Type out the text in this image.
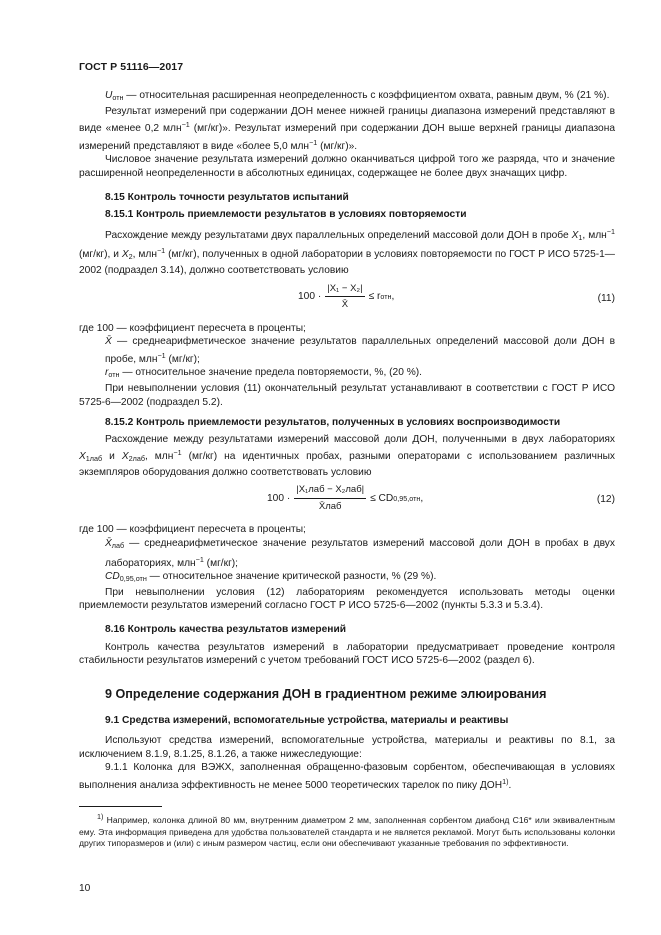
ГОСТ Р 51116—2017

$U_{отн}$ — относительная расширенная неопределенность с коэффициентом охвата, равным двум, % (21 %).

Результат измерений при содержании ДОН менее нижней границы диапазона измерений представляют в виде «менее 0,2 млн$^{-1}$ (мг/кг)». Результат измерений при содержании ДОН выше верхней границы диапазона измерений представляют в виде «более 5,0 млн$^{-1}$ (мг/кг)».

Числовое значение результата измерений должно оканчиваться цифрой того же разряда, что и значение расширенной неопределенности в абсолютных единицах, содержащее не более двух значащих цифр.

8.15 Контроль точности результатов испытаний
8.15.1 Контроль приемлемости результатов в условиях повторяемости

Расхождение между результатами двух параллельных определений массовой доли ДОН в пробе $X_1$, млн$^{-1}$ (мг/кг), и $X_2$, млн$^{-1}$ (мг/кг), полученных в одной лаборатории в условиях повторяемости по ГОСТ Р ИСО 5725-1—2002 (подраздел 3.14), должно соответствовать условию

$100 \cdot \frac{\text{|X₁ − X₂|}}{X̄} \le r$ отн ,	(11)

где 100 — коэффициент пересчета в проценты;

X̄ — среднеарифметическое значение результатов параллельных определений массовой доли ДОН в пробе, млн$^{-1}$ (мг/кг);

$r_{отн}$ — относительное значение предела повторяемости, %, (20 %).

При невыполнении условия (11) окончательный результат устанавливают в соответствии с ГОСТ Р ИСО 5725-6—2002 (подраздел 5.2).

8.15.2 Контроль приемлемости результатов, полученных в условиях воспроизводимости

Расхождение между результатами измерений массовой доли ДОН, полученными в двух лабораториях $X_{1лаб}$ и $X_{2лаб}$, млн$^{-1}$ (мг/кг) на идентичных пробах, разными операторами с использованием различных экземпляров оборудования должно соответствовать условию

$100 \cdot \frac{\text{|X₁лаб − X₂лаб|}}{\text{X̄лаб}}$ ≤ CD 0,95,отн ,	(12)

где 100 — коэффициент пересчета в проценты;

$X̄_{лаб}$ — среднеарифметическое значение результатов измерений массовой доли ДОН в пробах в двух лабораториях, млн$^{-1}$ (мг/кг);

$CD_{0,95,отн}$ — относительное значение критической разности, % (29 %).

При невыполнении условия (12) лабораториям рекомендуется использовать методы оценки приемлемости результатов измерений согласно ГОСТ Р ИСО 5725-6—2002 (пункты 5.3.3 и 5.3.4).

8.16 Контроль качества результатов измерений

Контроль качества результатов измерений в лаборатории предусматривает проведение контроля стабильности результатов измерений с учетом требований ГОСТ ИСО 5725-6—2002 (раздел 6).

9 Определение содержания ДОН в градиентном режиме элюирования
9.1 Средства измерений, вспомогательные устройства, материалы и реактивы

Используют средства измерений, вспомогательные устройства, материалы и реактивы по 8.1, за исключением 8.1.9, 8.1.25, 8.1.26, а также нижеследующие:

9.1.1 Колонка для ВЭЖХ, заполненная обращенно-фазовым сорбентом, обеспечивающая в условиях выполнения анализа эффективность не менее 5000 теоретических тарелок по пику ДОН$^{1)}$.

$^{1)}$ Например, колонка длиной 80 мм, внутренним диаметром 2 мм, заполненная сорбентом диабонд C16* или эквивалентным ему. Эта информация приведена для удобства пользователей стандарта и не является рекламой. Могут быть использованы колонки других типоразмеров и (или) с иным размером частиц, если они обеспечивают указанные требования по эффективности.

10
